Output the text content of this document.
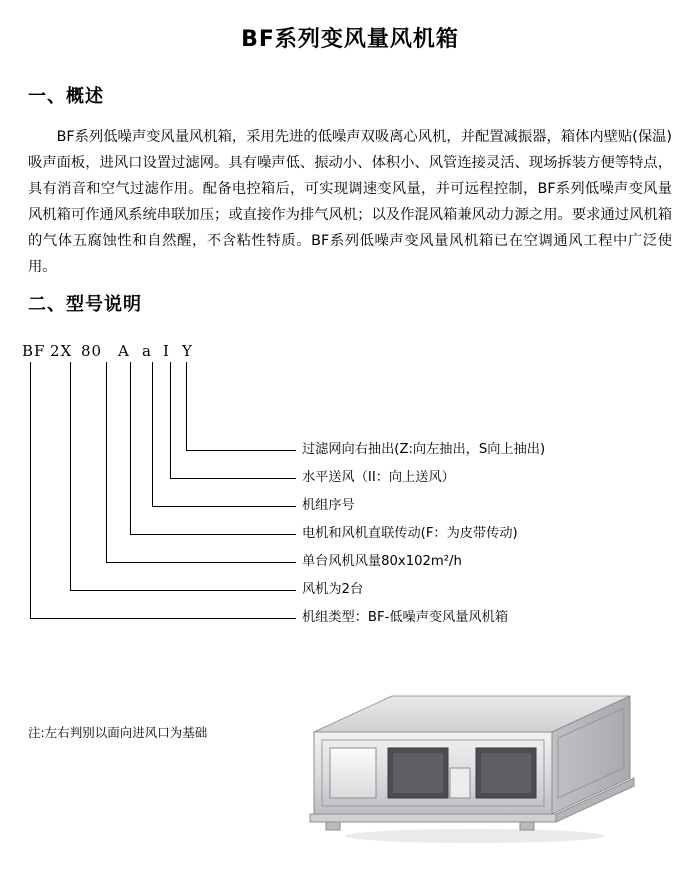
BF系列变风量风机箱
一、概述
BF系列低噪声变风量风机箱，采用先进的低噪声双吸离心风机，并配置减振器，箱体内壁贴(保温)吸声面板，进风口设置过滤网。具有噪声低、振动小、体积小、风管连接灵活、现场拆装方便等特点，具有消音和空气过滤作用。配备电控箱后，可实现调速变风量，并可远程控制，BF系列低噪声变风量风机箱可作通风系统串联加压；或直接作为排气风机；以及作混风箱兼风动力源之用。要求通过风机箱的气体五腐蚀性和自然醒，不含粘性特质。BF系列低噪声变风量风机箱已在空调通风工程中广泛使用。
二、型号说明

BF

2X

80

A

a

I

Y

过滤网向右抽出(Z:向左抽出，S向上抽出)
水平送风（II：向上送风）
机组序号
电机和风机直联传动(F：为皮带传动)
单台风机风量80x102m²/h
风机为2台
机组类型：BF-低噪声变风量风机箱
注:左右判别以面向进风口为基础
